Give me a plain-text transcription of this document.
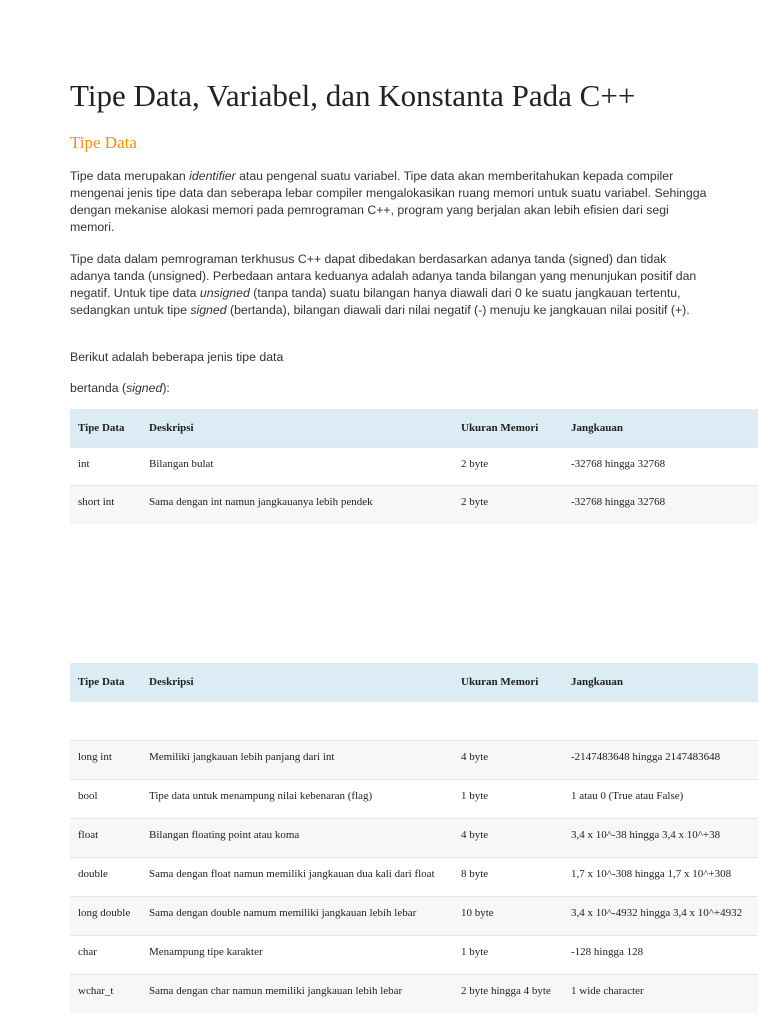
Tipe Data, Variabel, dan Konstanta Pada C++
Tipe Data

Tipe data merupakan identifier atau pengenal suatu variabel. Tipe data akan memberitahukan kepada compiler mengenai jenis tipe data dan seberapa lebar compiler mengalokasikan ruang memori untuk suatu variabel. Sehingga dengan mekanise alokasi memori pada pemrograman C++, program yang berjalan akan lebih efisien dari segi memori.

Tipe data dalam pemrograman terkhusus C++ dapat dibedakan berdasarkan adanya tanda (signed) dan tidak adanya tanda (unsigned). Perbedaan antara keduanya adalah adanya tanda bilangan yang menunjukan positif dan negatif. Untuk tipe data unsigned (tanpa tanda) suatu bilangan hanya diawali dari 0 ke suatu jangkauan tertentu, sedangkan untuk tipe signed (bertanda), bilangan diawali dari nilai negatif (-) menuju ke jangkauan nilai positif (+).

Berikut adalah beberapa jenis tipe data

bertanda (signed):

Tipe Data	Deskripsi	Ukuran Memori	Jangkauan
int	Bilangan bulat	2 byte	-32768 hingga 32768
short int	Sama dengan int namun jangkauanya lebih pendek	2 byte	-32768 hingga 32768
Tipe Data	Deskripsi	Ukuran Memori	Jangkauan

long int	Memiliki jangkauan lebih panjang dari int	4 byte	-2147483648 hingga 2147483648
bool	Tipe data untuk menampung nilai kebenaran (flag)	1 byte	1 atau 0 (True atau False)
float	Bilangan floating point atau koma	4 byte	3,4 x 10^-38 hingga 3,4 x 10^+38
double	Sama dengan float namun memiliki jangkauan dua kali dari float	8 byte	1,7 x 10^-308 hingga 1,7 x 10^+308
long double	Sama dengan double namum memiliki jangkauan lebih lebar	10 byte	3,4 x 10^-4932 hingga 3,4 x 10^+4932
char	Menampung tipe karakter	1 byte	-128 hingga 128
wchar_t	Sama dengan char namun memiliki jangkauan lebih lebar	2 byte hingga 4 byte	1 wide character
